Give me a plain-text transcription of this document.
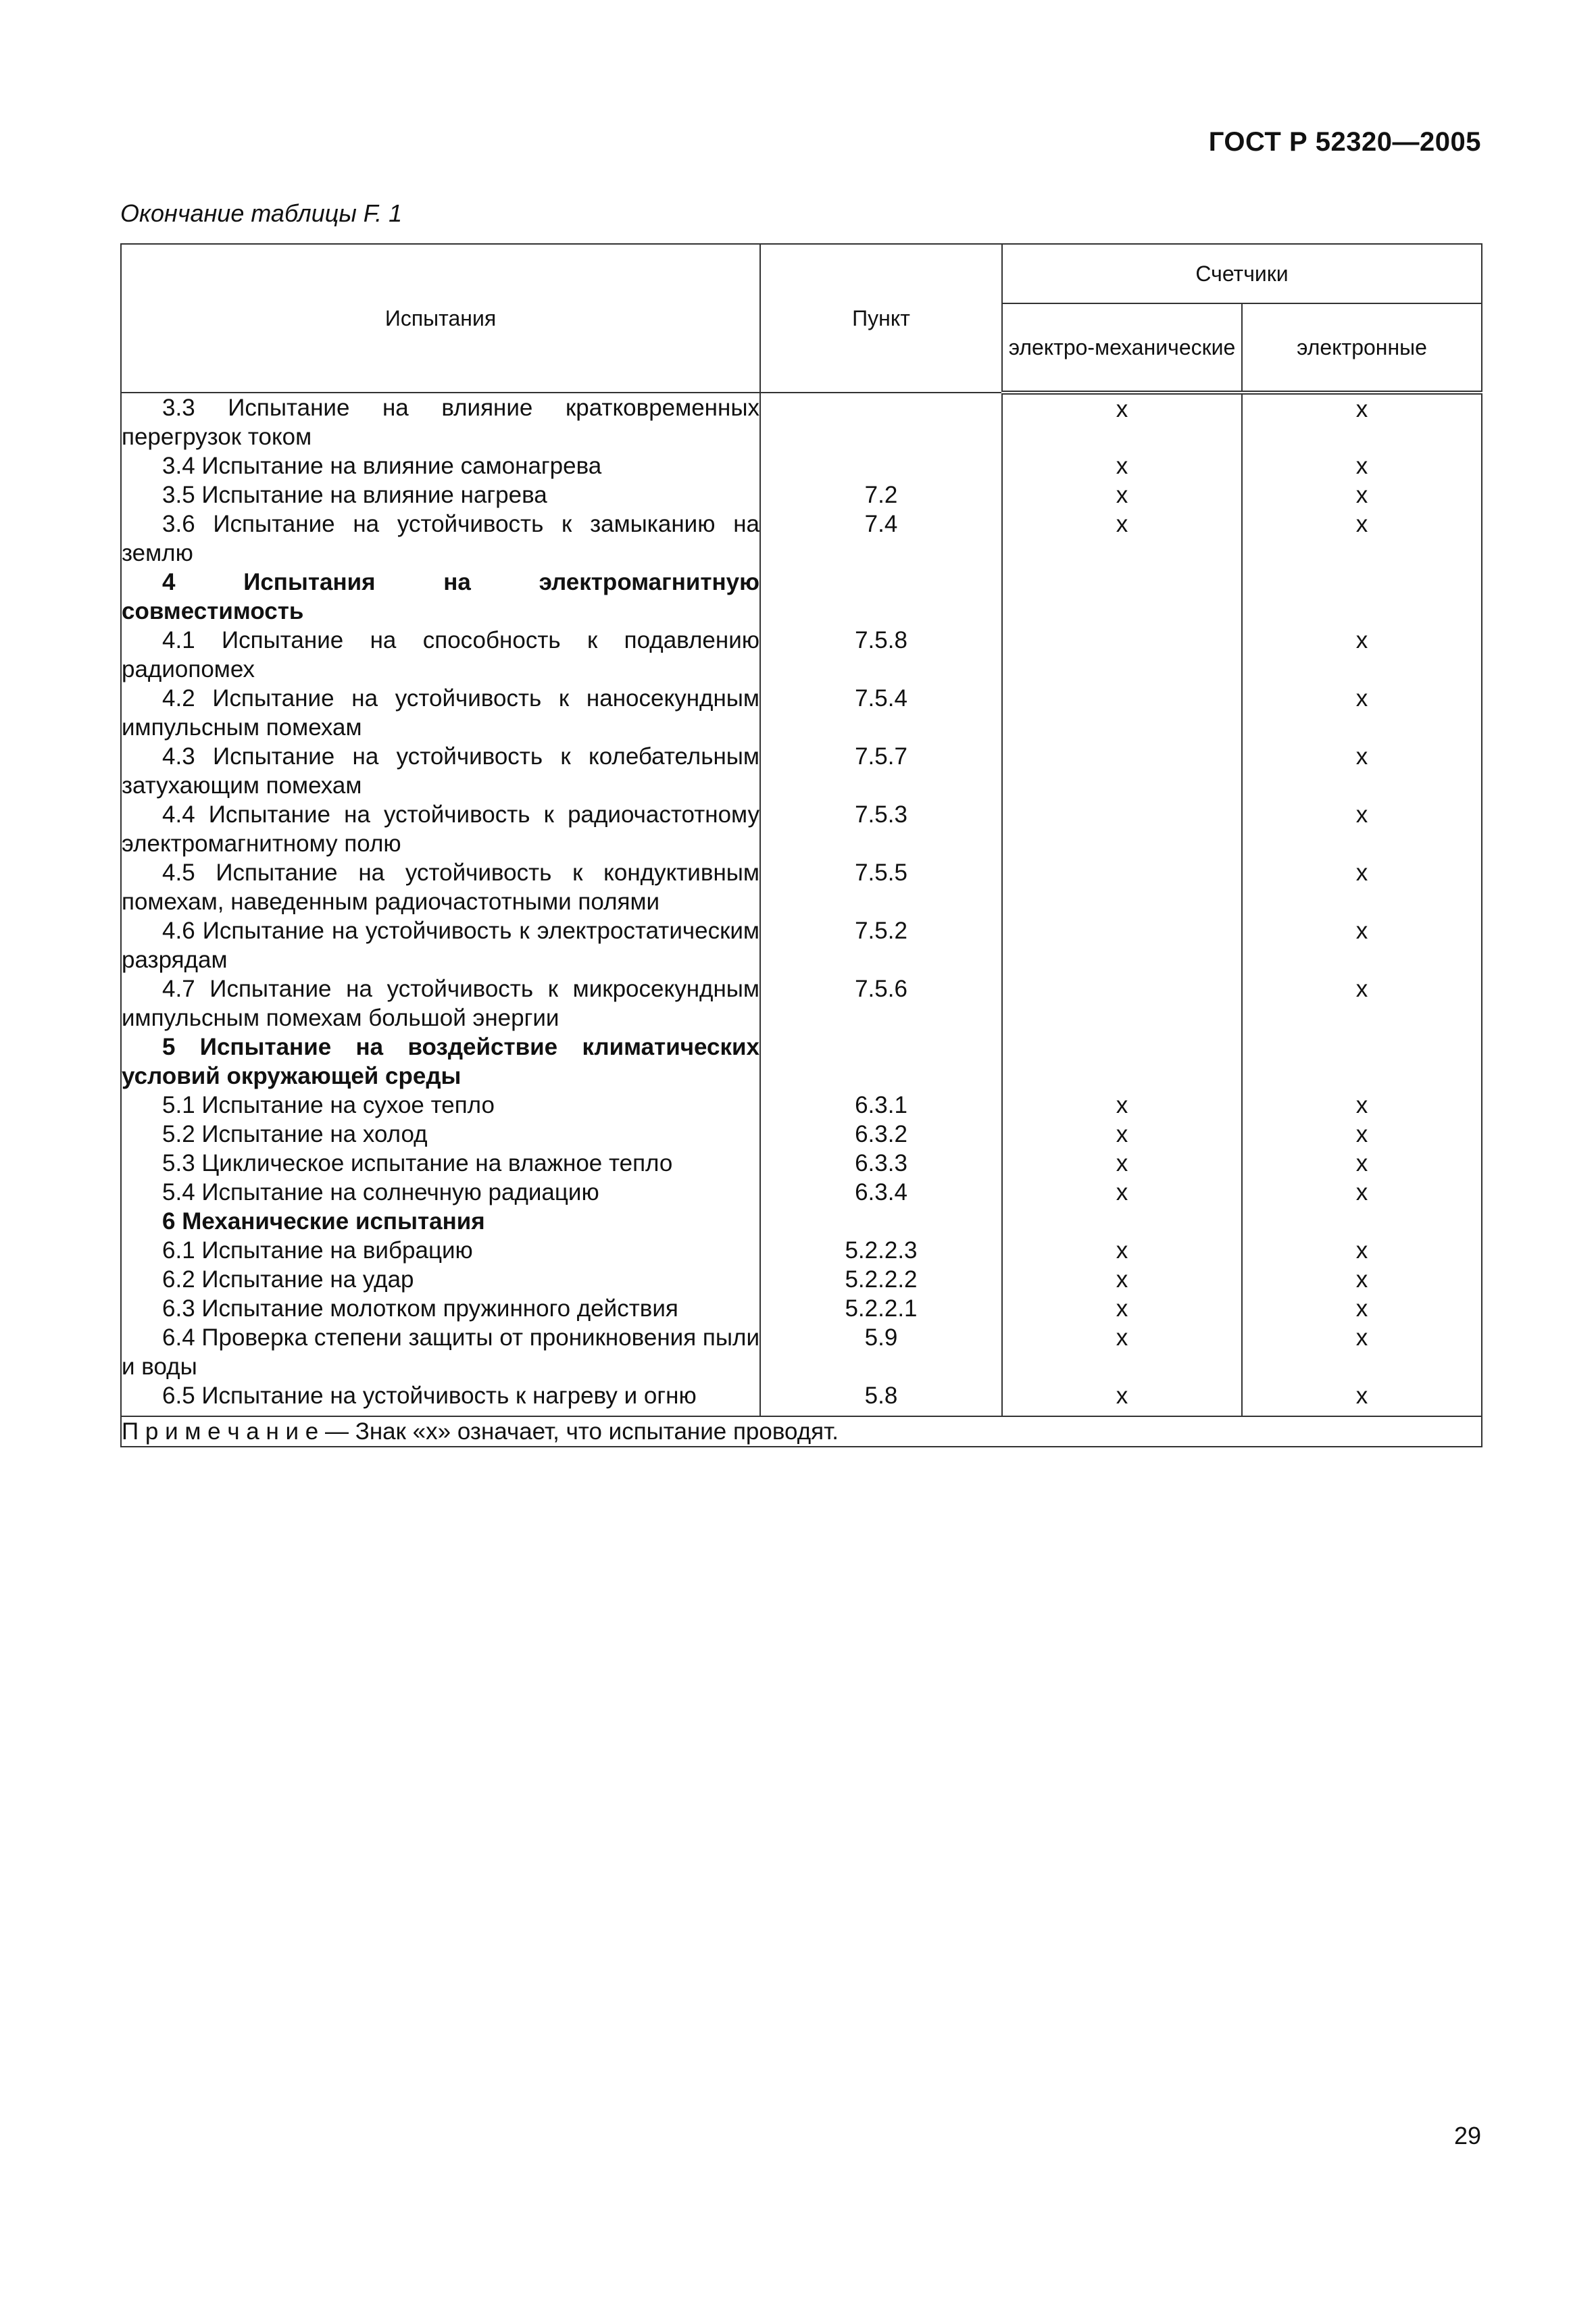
ГОСТ Р 52320—2005
Окончание таблицы F. 1
Испытания	Пункт	Счетчики	
		электро-механические	электронные

3.3 Испытание на влияние кратковременных перегрузок током		х	х

3.4 Испытание на влияние самонагрева		х	х

3.5 Испытание на влияние нагрева	7.2	х	х

3.6 Испытание на устойчивость к замыканию на землю	7.4	х	х

4 Испытания на электромагнитную совместимость			

4.1 Испытание на способность к подавлению радиопомех	7.5.8		х

4.2 Испытание на устойчивость к наносекундным импульсным помехам	7.5.4		х

4.3 Испытание на устойчивость к колебательным затухающим помехам	7.5.7		х

4.4 Испытание на устойчивость к радиочастотному электромагнитному полю	7.5.3		х

4.5 Испытание на устойчивость к кондуктивным помехам, наведенным радиочастотными полями	7.5.5		х

4.6 Испытание на устойчивость к электростатическим разрядам	7.5.2		х

4.7 Испытание на устойчивость к микросекундным импульсным помехам большой энергии	7.5.6		х

5 Испытание на воздействие климатических условий окружающей среды			

5.1 Испытание на сухое тепло	6.3.1	х	х

5.2 Испытание на холод	6.3.2	х	х

5.3 Циклическое испытание на влажное тепло	6.3.3	х	х

5.4 Испытание на солнечную радиацию	6.3.4	х	х

6 Механические испытания			

6.1 Испытание на вибрацию	5.2.2.3	х	х

6.2 Испытание на удар	5.2.2.2	х	х

6.3 Испытание молотком пружинного действия	5.2.2.1	х	х

6.4 Проверка степени защиты от проникновения пыли и воды	5.9	х	х

6.5 Испытание на устойчивость к нагреву и огню	5.8	х	х
П р и м е ч а н и е — Знак «х» означает, что испытание проводят.			
29
